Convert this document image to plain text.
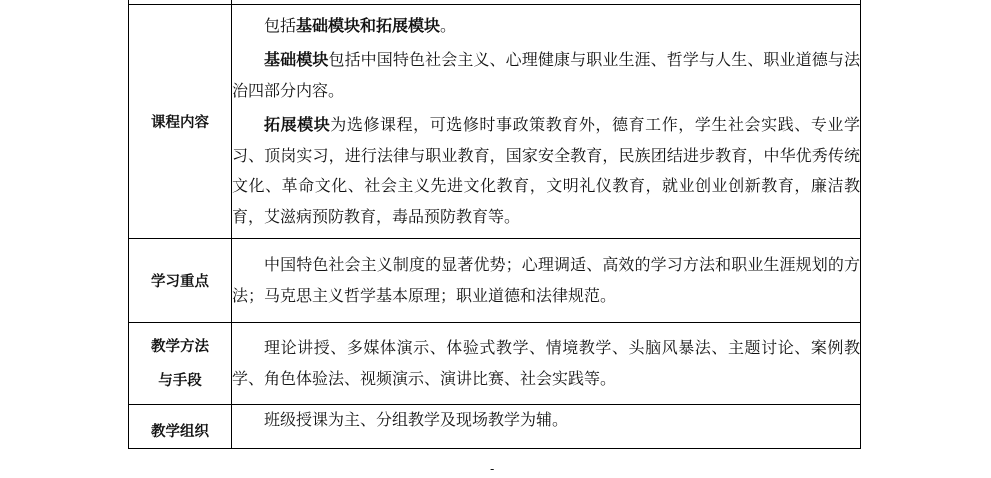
课程内容	包括基础模块和拓展模块。

基础模块包括中国特色社会主义、心理健康与职业生涯、哲学与人生、职业道德与法治四部分内容。

拓展模块为选修课程，可选修时事政策教育外，德育工作，学生社会实践、专业学习、顶岗实习，进行法律与职业教育，国家安全教育，民族团结进步教育，中华优秀传统文化、革命文化、社会主义先进文化教育，文明礼仪教育，就业创业创新教育，廉洁教育，艾滋病预防教育，毒品预防教育等。

学习重点	中国特色社会主义制度的显著优势；心理调适、高效的学习方法和职业生涯规划的方法；马克思主义哲学基本原理；职业道德和法律规范。

教学方法
与手段	理论讲授、多媒体演示、体验式教学、情境教学、头脑风暴法、主题讨论、案例教学、角色体验法、视频演示、演讲比赛、社会实践等。

教学组织	班级授课为主、分组教学及现场教学为辅。

-
